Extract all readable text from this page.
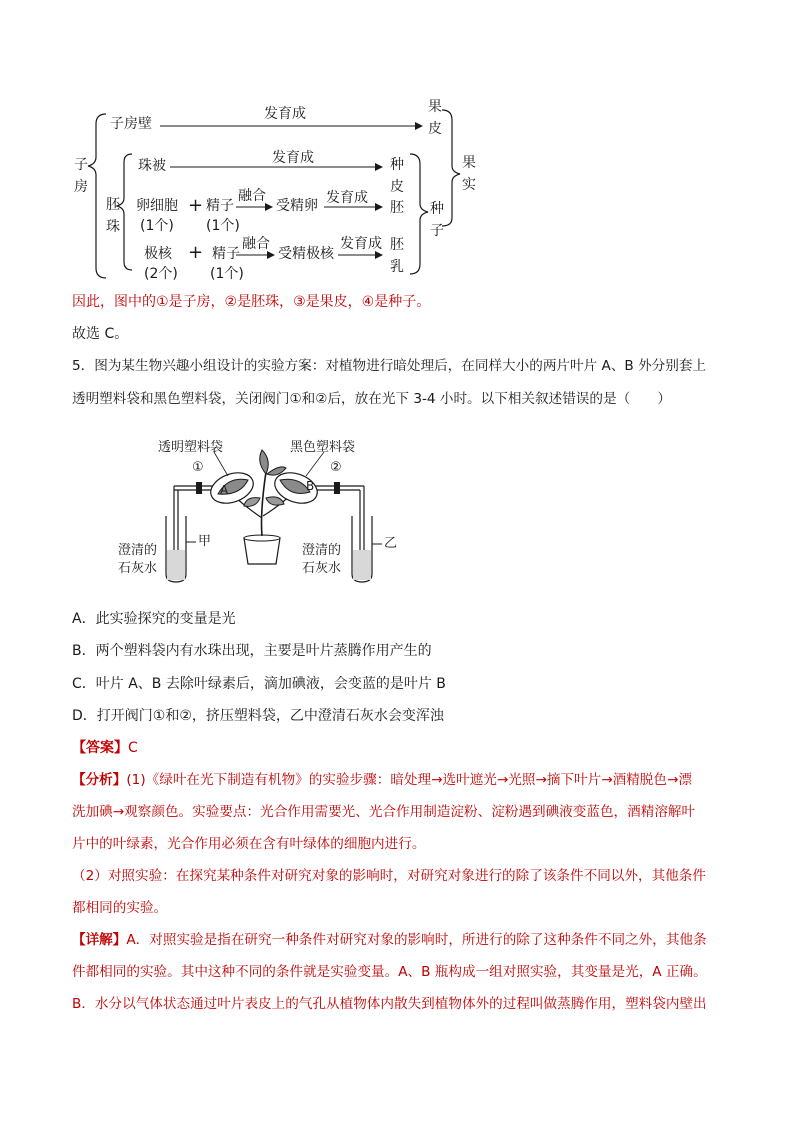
子
房
子房壁
发育成	果
皮
果
实
胚
珠
珠被	发育成	种
皮
卵细胞
(1个)
+ 精子
(1个)
融合
受精卵 发育成
胚 种
子
极核
(2个)
+ 精子
(1个)
融合
受精极核
发育成 胚
乳
因此，图中的①是子房，②是胚珠，③是果皮，④是种子。
故选 C。
5．图为某生物兴趣小组设计的实验方案：对植物进行暗处理后，在同样大小的两片叶片 A、B 外分别套上
透明塑料袋和黑色塑料袋，关闭阀门①和②后，放在光下 3-4 小时。以下相关叙述错误的是（　　）
透明塑料袋	黑色塑料袋
①	②
A	B
甲	乙
澄清的
石灰水
澄清的
石灰水
A．此实验探究的变量是光
B．两个塑料袋内有水珠出现，主要是叶片蒸腾作用产生的
C．叶片 A、B 去除叶绿素后，滴加碘液，会变蓝的是叶片 B
D．打开阀门①和②，挤压塑料袋，乙中澄清石灰水会变浑浊
【答案】C
【分析】(1)《绿叶在光下制造有机物》的实验步骤：暗处理→选叶遮光→光照→摘下叶片→酒精脱色→漂
洗加碘→观察颜色。实验要点：光合作用需要光、光合作用制造淀粉、淀粉遇到碘液变蓝色，酒精溶解叶
片中的叶绿素，光合作用必须在含有叶绿体的细胞内进行。
（2）对照实验：在探究某种条件对研究对象的影响时，对研究对象进行的除了该条件不同以外，其他条件
都相同的实验。
【详解】A．对照实验是指在研究一种条件对研究对象的影响时，所进行的除了这种条件不同之外，其他条
件都相同的实验。其中这种不同的条件就是实验变量。A、B 瓶构成一组对照实验，其变量是光，A 正确。
B．水分以气体状态通过叶片表皮上的气孔从植物体内散失到植物体外的过程叫做蒸腾作用，塑料袋内壁出
